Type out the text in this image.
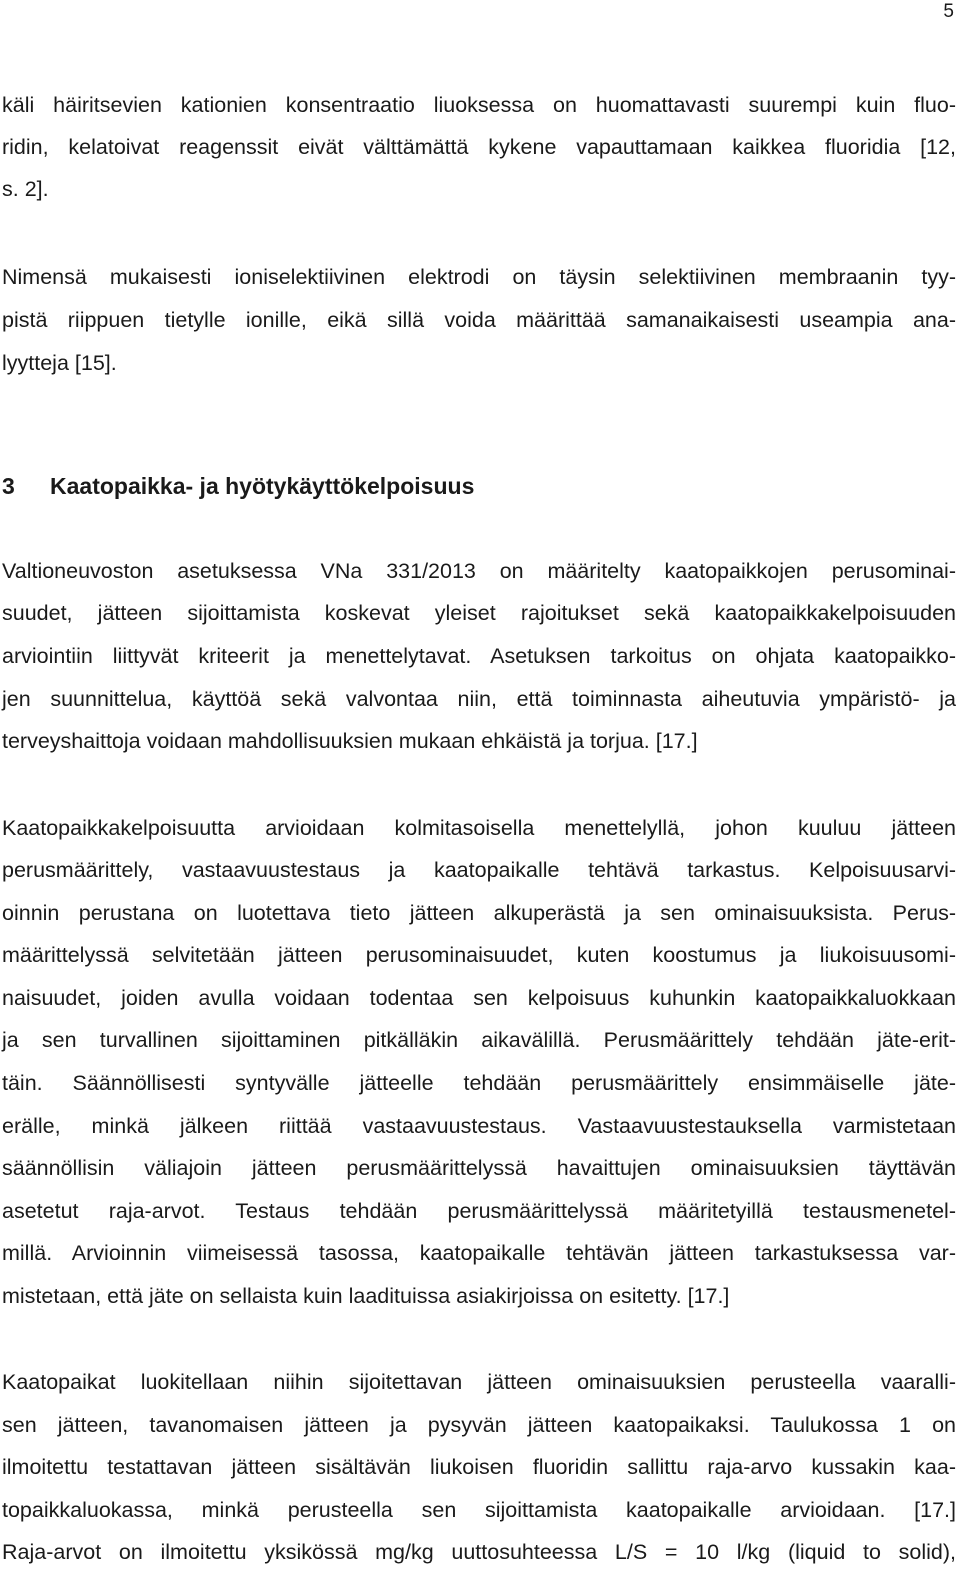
5
käli häiritsevien kationien konsentraatio liuoksessa on huomattavasti suurempi kuin fluo-
ridin, kelatoivat reagenssit eivät välttämättä kykene vapauttamaan kaikkea fluoridia [12,
s. 2].
Nimensä mukaisesti ioniselektiivinen elektrodi on täysin selektiivinen membraanin tyy-
pistä riippuen tietylle ionille, eikä sillä voida määrittää samanaikaisesti useampia ana-
lyytteja [15].
3 Kaatopaikka- ja hyötykäyttökelpoisuus
Valtioneuvoston asetuksessa VNa 331/2013 on määritelty kaatopaikkojen perusominai-
suudet, jätteen sijoittamista koskevat yleiset rajoitukset sekä kaatopaikkakelpoisuuden
arviointiin liittyvät kriteerit ja menettelytavat. Asetuksen tarkoitus on ohjata kaatopaikko-
jen suunnittelua, käyttöä sekä valvontaa niin, että toiminnasta aiheutuvia ympäristö- ja
terveyshaittoja voidaan mahdollisuuksien mukaan ehkäistä ja torjua. [17.]
Kaatopaikkakelpoisuutta arvioidaan kolmitasoisella menettelyllä, johon kuuluu jätteen
perusmäärittely, vastaavuustestaus ja kaatopaikalle tehtävä tarkastus. Kelpoisuusarvi-
oinnin perustana on luotettava tieto jätteen alkuperästä ja sen ominaisuuksista. Perus-
määrittelyssä selvitetään jätteen perusominaisuudet, kuten koostumus ja liukoisuusomi-
naisuudet, joiden avulla voidaan todentaa sen kelpoisuus kuhunkin kaatopaikkaluokkaan
ja sen turvallinen sijoittaminen pitkälläkin aikavälillä. Perusmäärittely tehdään jäte-erit-
täin. Säännöllisesti syntyvälle jätteelle tehdään perusmäärittely ensimmäiselle jäte-
erälle, minkä jälkeen riittää vastaavuustestaus. Vastaavuustestauksella varmistetaan
säännöllisin väliajoin jätteen perusmäärittelyssä havaittujen ominaisuuksien täyttävän
asetetut raja-arvot. Testaus tehdään perusmäärittelyssä määritetyillä testausmenetel-
millä. Arvioinnin viimeisessä tasossa, kaatopaikalle tehtävän jätteen tarkastuksessa var-
mistetaan, että jäte on sellaista kuin laadituissa asiakirjoissa on esitetty. [17.]
Kaatopaikat luokitellaan niihin sijoitettavan jätteen ominaisuuksien perusteella vaaralli-
sen jätteen, tavanomaisen jätteen ja pysyvän jätteen kaatopaikaksi. Taulukossa 1 on
ilmoitettu testattavan jätteen sisältävän liukoisen fluoridin sallittu raja-arvo kussakin kaa-
topaikkaluokassa, minkä perusteella sen sijoittamista kaatopaikalle arvioidaan. [17.]
Raja-arvot on ilmoitettu yksikössä mg/kg uuttosuhteessa L/S = 10 l/kg (liquid to solid),
